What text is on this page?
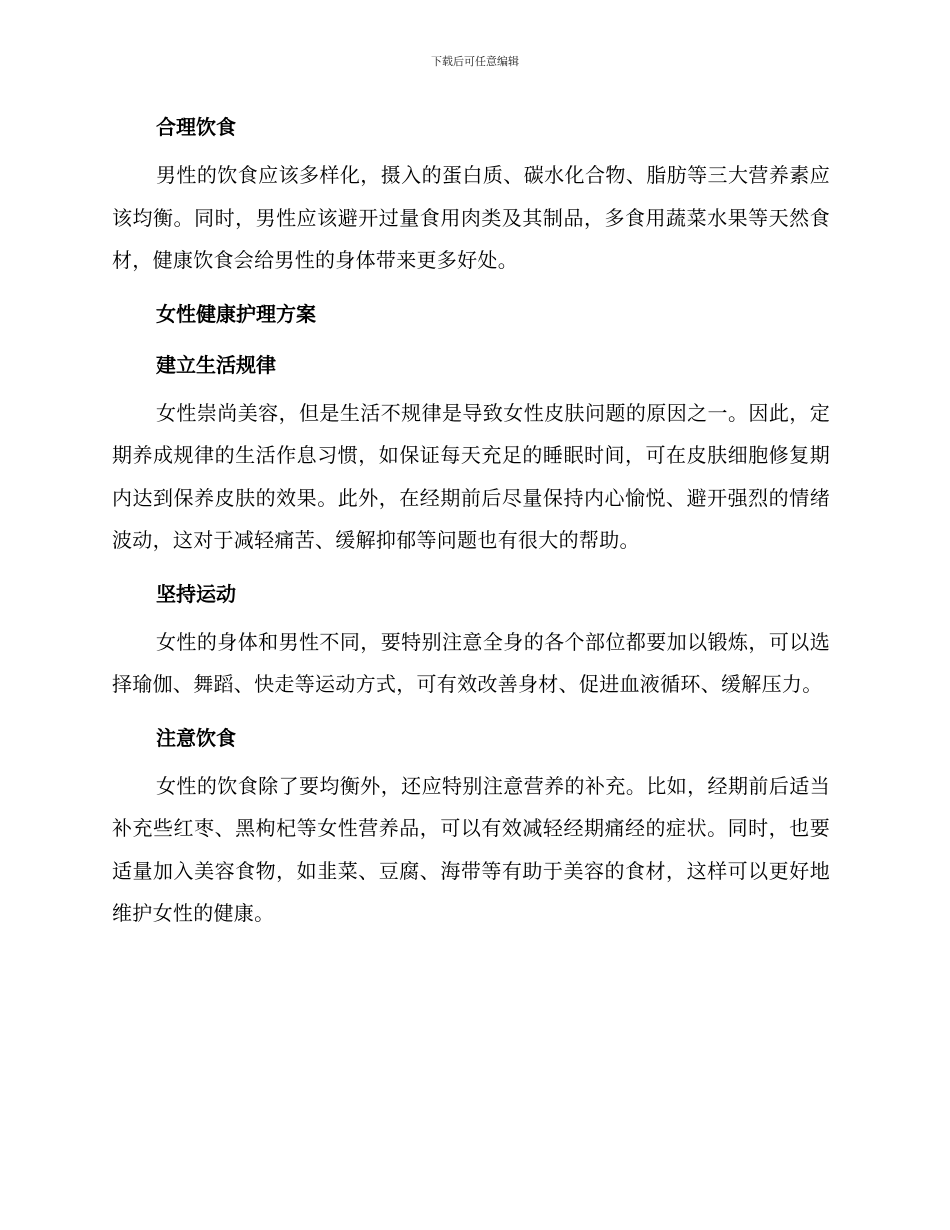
下载后可任意编辑
合理饮食

男性的饮食应该多样化，摄入的蛋白质、碳水化合物、脂肪等三大营养素应该均衡。同时，男性应该避开过量食用肉类及其制品，多食用蔬菜水果等天然食材，健康饮食会给男性的身体带来更多好处。

女性健康护理方案
建立生活规律

女性崇尚美容，但是生活不规律是导致女性皮肤问题的原因之一。因此，定期养成规律的生活作息习惯，如保证每天充足的睡眠时间，可在皮肤细胞修复期内达到保养皮肤的效果。此外，在经期前后尽量保持内心愉悦、避开强烈的情绪波动，这对于减轻痛苦、缓解抑郁等问题也有很大的帮助。

坚持运动

女性的身体和男性不同，要特别注意全身的各个部位都要加以锻炼，可以选择瑜伽、舞蹈、快走等运动方式，可有效改善身材、促进血液循环、缓解压力。

注意饮食

女性的饮食除了要均衡外，还应特别注意营养的补充。比如，经期前后适当补充些红枣、黑枸杞等女性营养品，可以有效减轻经期痛经的症状。同时，也要适量加入美容食物，如韭菜、豆腐、海带等有助于美容的食材，这样可以更好地维护女性的健康。
